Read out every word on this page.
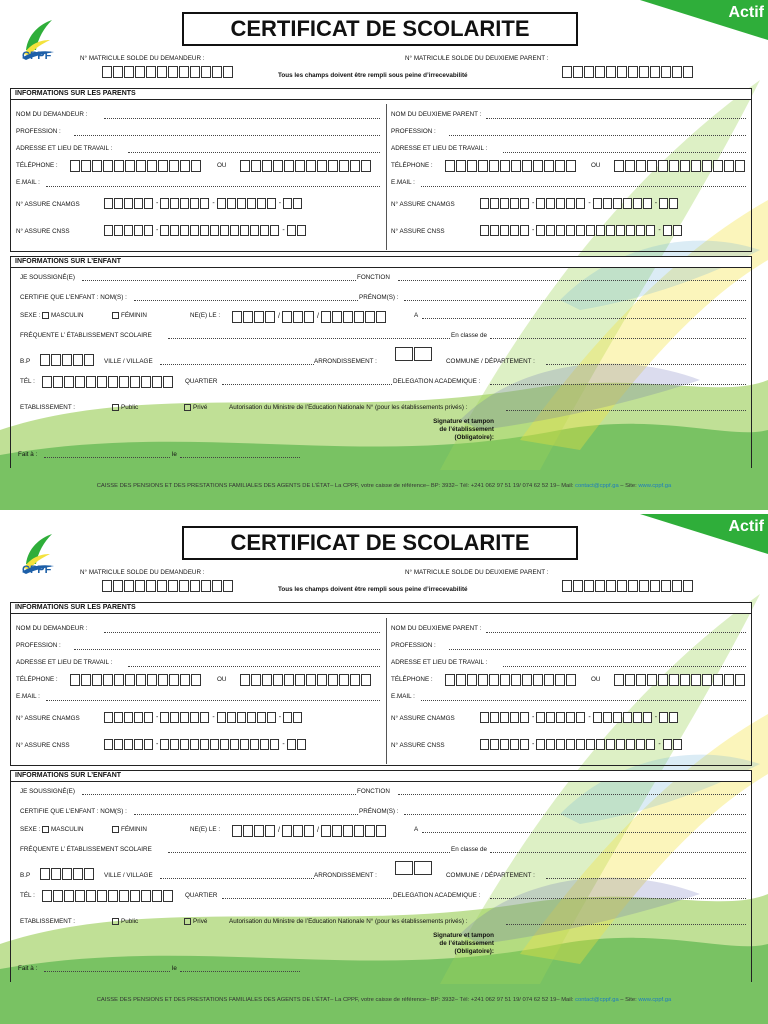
CPPF
CERTIFICAT DE SCOLARITE
Actif
N° MATRICULE SOLDE DU DEMANDEUR :	N° MATRICULE SOLDE DU DEUXIEME PARENT :
Tous les champs doivent être rempli sous peine d’irrecevabilité
INFORMATIONS SUR LES PARENTS
NOM DU DEMANDEUR :
PROFESSION :
ADRESSE ET LIEU DE TRAVAIL :
TÉLÉPHONE :	OU
E.MAIL :
N° ASSURE CNAMGS	-	-	-
N° ASSURE CNSS	-	-
NOM DU DEUXIEME PARENT :
PROFESSION :
ADRESSE ET LIEU DE TRAVAIL :
TÉLÉPHONE :	OU
E.MAIL :
N° ASSURE CNAMGS	-	-	-
N° ASSURE CNSS	-	-
INFORMATIONS SUR L’ENFANT
JE SOUSSIGNÉ(E)	FONCTION
CERTIFIE QUE L’ENFANT : NOM(S) :	PRÉNOM(S) :
SEXE :	MASCULIN	FÉMININ	NE(E) LE :	/	/	A
FRÉQUENTE L’ ÉTABLISSEMENT SCOLAIRE	En classe de
B.P	VILLE / VILLAGE	ARRONDISSEMENT :	COMMUNE / DÉPARTEMENT :
TÉL :	QUARTIER	DELEGATION ACADEMIQUE :
ETABLISSEMENT :	Public	Privé	Autorisation du Ministre de l’Education Nationale N° (pour les établissements privés) :
Signature et tampon
de l’établissement
(Obligatoire):
Fait à :	le
CAISSE DES PENSIONS ET DES PRESTATIONS FAMILIALES DES AGENTS DE L’ÉTAT– La CPPF, votre caisse de référence– BP: 3932– Tél: +241 062 97 51 19/ 074 62 52 19– Mail: contact@cppf.ga – Site: www.cppf.ga
CPPF
CERTIFICAT DE SCOLARITE
Actif
N° MATRICULE SOLDE DU DEMANDEUR :	N° MATRICULE SOLDE DU DEUXIEME PARENT :
Tous les champs doivent être rempli sous peine d’irrecevabilité
INFORMATIONS SUR LES PARENTS
NOM DU DEMANDEUR :
PROFESSION :
ADRESSE ET LIEU DE TRAVAIL :
TÉLÉPHONE :	OU
E.MAIL :
N° ASSURE CNAMGS	-	-	-
N° ASSURE CNSS	-	-
NOM DU DEUXIEME PARENT :
PROFESSION :
ADRESSE ET LIEU DE TRAVAIL :
TÉLÉPHONE :	OU
E.MAIL :
N° ASSURE CNAMGS	-	-	-
N° ASSURE CNSS	-	-
INFORMATIONS SUR L’ENFANT
JE SOUSSIGNÉ(E)	FONCTION
CERTIFIE QUE L’ENFANT : NOM(S) :	PRÉNOM(S) :
SEXE :	MASCULIN	FÉMININ	NE(E) LE :	/	/	A
FRÉQUENTE L’ ÉTABLISSEMENT SCOLAIRE	En classe de
B.P	VILLE / VILLAGE	ARRONDISSEMENT :	COMMUNE / DÉPARTEMENT :
TÉL :	QUARTIER	DELEGATION ACADEMIQUE :
ETABLISSEMENT :	Public	Privé	Autorisation du Ministre de l’Education Nationale N° (pour les établissements privés) :
Signature et tampon
de l’établissement
(Obligatoire):
Fait à :	le
CAISSE DES PENSIONS ET DES PRESTATIONS FAMILIALES DES AGENTS DE L’ÉTAT– La CPPF, votre caisse de référence– BP: 3932– Tél: +241 062 97 51 19/ 074 62 52 19– Mail: contact@cppf.ga – Site: www.cppf.ga
